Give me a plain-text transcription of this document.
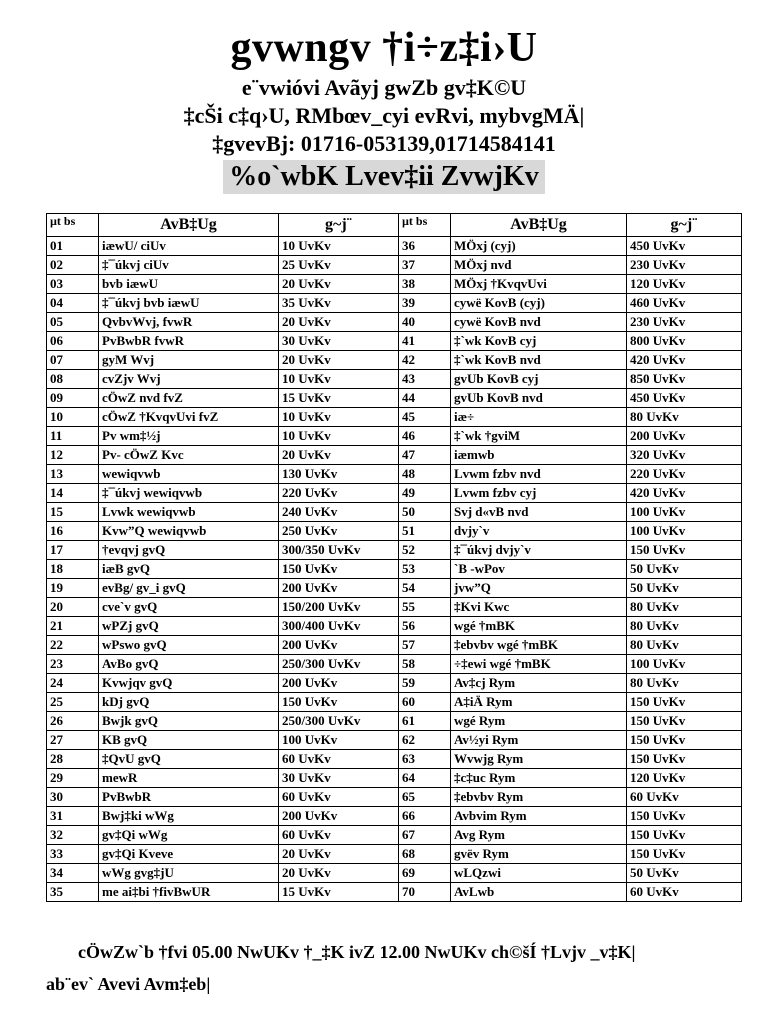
gvwngv †i÷z‡i›U
e¨vwióvi Avãyj gwZb gv‡K©U
‡cŠi c‡q›U, RMbœv_cyi evRvi, mybvgMÄ|
‡gvevBj: 01716-053139,01714584141
%o`wbK Lvev‡ii ZvwjKv
µt bs	AvB‡Ug	g~j¨	µt bs	AvB‡Ug	g~j¨
01	iæwU/ ciUv	10 UvKv	36	MÖxj (cyj)	450 UvKv
02	‡¯úkvj ciUv	25 UvKv	37	MÖxj nvd	230 UvKv
03	bvb iæwU	20 UvKv	38	MÖxj †KvqvUvi	120 UvKv
04	‡¯úkvj bvb iæwU	35 UvKv	39	cywë KovB (cyj)	460 UvKv
05	QvbvWvj, fvwR	20 UvKv	40	cywë KovB nvd	230 UvKv
06	PvBwbR fvwR	30 UvKv	41	‡`wk KovB cyj	800 UvKv
07	gyM Wvj	20 UvKv	42	‡`wk KovB nvd	420 UvKv
08	cvZjv Wvj	10 UvKv	43	gvUb KovB cyj	850 UvKv
09	cÖwZ nvd fvZ	15 UvKv	44	gvUb KovB nvd	450 UvKv
10	cÖwZ †KvqvUvi fvZ	10 UvKv	45	iæ÷	80 UvKv
11	Pv wm‡½j	10 UvKv	46	‡`wk †gviM	200 UvKv
12	Pv- cÖwZ Kvc	20 UvKv	47	iæmwb	320 UvKv
13	wewiqvwb	130 UvKv	48	Lvwm fzbv nvd	220 UvKv
14	‡¯úkvj wewiqvwb	220 UvKv	49	Lvwm fzbv cyj	420 UvKv
15	Lvwk wewiqvwb	240 UvKv	50	Svj d«vB nvd	100 UvKv
16	Kvw”Q wewiqvwb	250 UvKv	51	dvjy`v	100 UvKv
17	†evqvj gvQ	300/350 UvKv	52	‡¯úkvj dvjy`v	150 UvKv
18	iæB gvQ	150 UvKv	53	`B -wPov	50 UvKv
19	evBg/ gv_i gvQ	200 UvKv	54	jvw”Q	50 UvKv
20	cve`v gvQ	150/200 UvKv	55	‡Kvi Kwc	80 UvKv
21	wPZj gvQ	300/400 UvKv	56	wgé †mBK	80 UvKv
22	wPswo gvQ	200 UvKv	57	‡ebvbv wgé †mBK	80 UvKv
23	AvBo gvQ	250/300 UvKv	58	÷‡ewi wgé †mBK	100 UvKv
24	Kvwjqv gvQ	200 UvKv	59	Av‡cj Rym	80 UvKv
25	kDj gvQ	150 UvKv	60	A‡iÄ Rym	150 UvKv
26	Bwjk gvQ	250/300 UvKv	61	wgé Rym	150 UvKv
27	KB gvQ	100 UvKv	62	Av½yi Rym	150 UvKv
28	‡QvU gvQ	60 UvKv	63	Wvwjg Rym	150 UvKv
29	mewR	30 UvKv	64	‡c‡uc Rym	120 UvKv
30	PvBwbR	60 UvKv	65	‡ebvbv Rym	60 UvKv
31	Bwj‡ki wWg	200 UvKv	66	Avbvim Rym	150 UvKv
32	gv‡Qi wWg	60 UvKv	67	Avg Rym	150 UvKv
33	gv‡Qi Kveve	20 UvKv	68	gvëv Rym	150 UvKv
34	wWg gvg‡jU	20 UvKv	69	wLQzwi	50 UvKv
35	me ai‡bi †fivBwUR	15 UvKv	70	AvLwb	60 UvKv
cÖwZw`b †fvi 05.00 NwUKv †_‡K ivZ 12.00 NwUKv ch©šÍ †Lvjv _v‡K|
ab¨ev` Avevi Avm‡eb|
